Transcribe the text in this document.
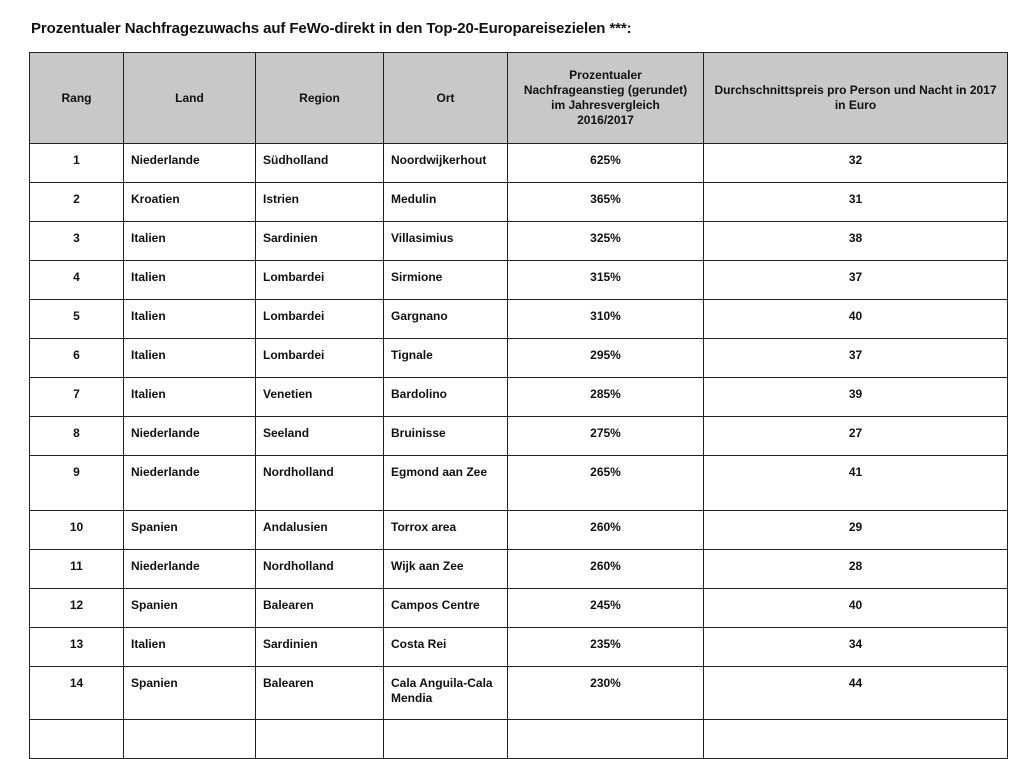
Prozentualer Nachfragezuwachs auf FeWo-direkt in den Top-20-Europareisezielen ***:
Rang	Land	Region	Ort	Prozentualer Nachfrageanstieg (gerundet) im Jahresvergleich 2016/2017	Durchschnittspreis pro Person und Nacht in 2017 in Euro
1	Niederlande	Südholland	Noordwijkerhout	625%	32
2	Kroatien	Istrien	Medulin	365%	31
3	Italien	Sardinien	Villasimius	325%	38
4	Italien	Lombardei	Sirmione	315%	37
5	Italien	Lombardei	Gargnano	310%	40
6	Italien	Lombardei	Tignale	295%	37
7	Italien	Venetien	Bardolino	285%	39
8	Niederlande	Seeland	Bruinisse	275%	27
9	Niederlande	Nordholland	Egmond aan Zee	265%	41
10	Spanien	Andalusien	Torrox area	260%	29
11	Niederlande	Nordholland	Wijk aan Zee	260%	28
12	Spanien	Balearen	Campos Centre	245%	40
13	Italien	Sardinien	Costa Rei	235%	34
14	Spanien	Balearen	Cala Anguila-Cala Mendia	230%	44
